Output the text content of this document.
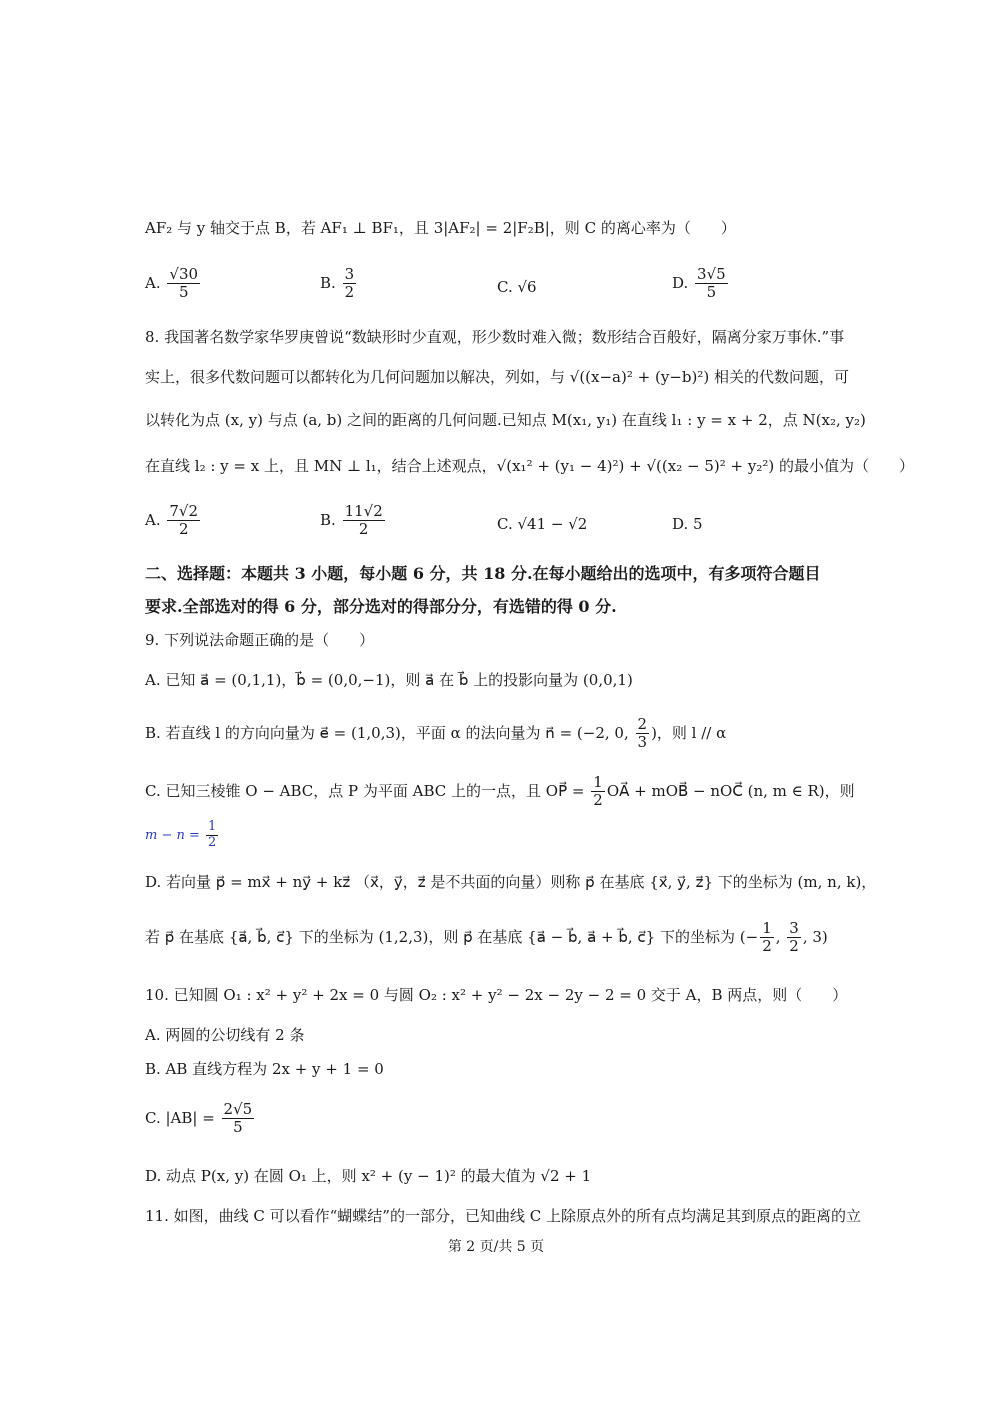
AF₂ 与 y 轴交于点 B，若 AF₁ ⊥ BF₁，且 3|AF₂| = 2|F₂B|，则 C 的离心率为（　　）
A. $\frac{√30}{5}$	B. $\frac{3}{2}$	C. √6	D. $\frac{3√5}{5}$
8. 我国著名数学家华罗庚曾说“数缺形时少直观，形少数时难入微；数形结合百般好，隔离分家万事休.”事
实上，很多代数问题可以都转化为几何问题加以解决，列如，与 √((x−a)² + (y−b)²) 相关的代数问题，可
以转化为点 (x, y) 与点 (a, b) 之间的距离的几何问题.已知点 M(x₁, y₁) 在直线 l₁ : y = x + 2，点 N(x₂, y₂)
在直线 l₂ : y = x 上，且 MN ⊥ l₁，结合上述观点，√(x₁² + (y₁ − 4)²) + √((x₂ − 5)² + y₂²) 的最小值为（　　）
A. $\frac{7√2}{2}$	B. $\frac{11√2}{2}$	C. √41 − √2	D. 5
二、选择题：本题共 3 小题，每小题 6 分，共 18 分.在每小题给出的选项中，有多项符合题目
要求.全部选对的得 6 分，部分选对的得部分分，有选错的得 0 分.
9. 下列说法命题正确的是（　　）
A. 已知 a⃗ = (0,1,1)，b⃗ = (0,0,−1)，则 a⃗ 在 b⃗ 上的投影向量为 (0,0,1)
B. 若直线 l 的方向向量为 e⃗ = (1,0,3)，平面 α 的法向量为 n⃗ = (−2, 0, $\frac{2}{3}$ )，则 l // α
C. 已知三棱锥 O − ABC，点 P 为平面 ABC 上的一点，且 OP⃗ = $\frac{1}{2}$ OA⃗ + mOB⃗ − nOC⃗ (n, m ∈ R)，则
$m - n = \frac{1}{2}$
D. 若向量 p⃗ = mx⃗ + ny⃗ + kz⃗ （x⃗，y⃗，z⃗ 是不共面的向量）则称 p⃗ 在基底 {x⃗, y⃗, z⃗} 下的坐标为 (m, n, k)，
若 p⃗ 在基底 {a⃗, b⃗, c⃗} 下的坐标为 (1,2,3)，则 p⃗ 在基底 {a⃗ − b⃗, a⃗ + b⃗, c⃗} 下的坐标为 (− $\frac{1}{2}$ , $\frac{3}{2}$ , 3)
10. 已知圆 O₁ : x² + y² + 2x = 0 与圆 O₂ : x² + y² − 2x − 2y − 2 = 0 交于 A，B 两点，则（　　）
A. 两圆的公切线有 2 条
B. AB 直线方程为 2x + y + 1 = 0
C. $|AB| = \frac{2√5}{5}$
D. 动点 P(x, y) 在圆 O₁ 上，则 x² + (y − 1)² 的最大值为 √2 + 1
11. 如图，曲线 C 可以看作“蝴蝶结”的一部分，已知曲线 C 上除原点外的所有点均满足其到原点的距离的立
第 2 页/共 5 页
